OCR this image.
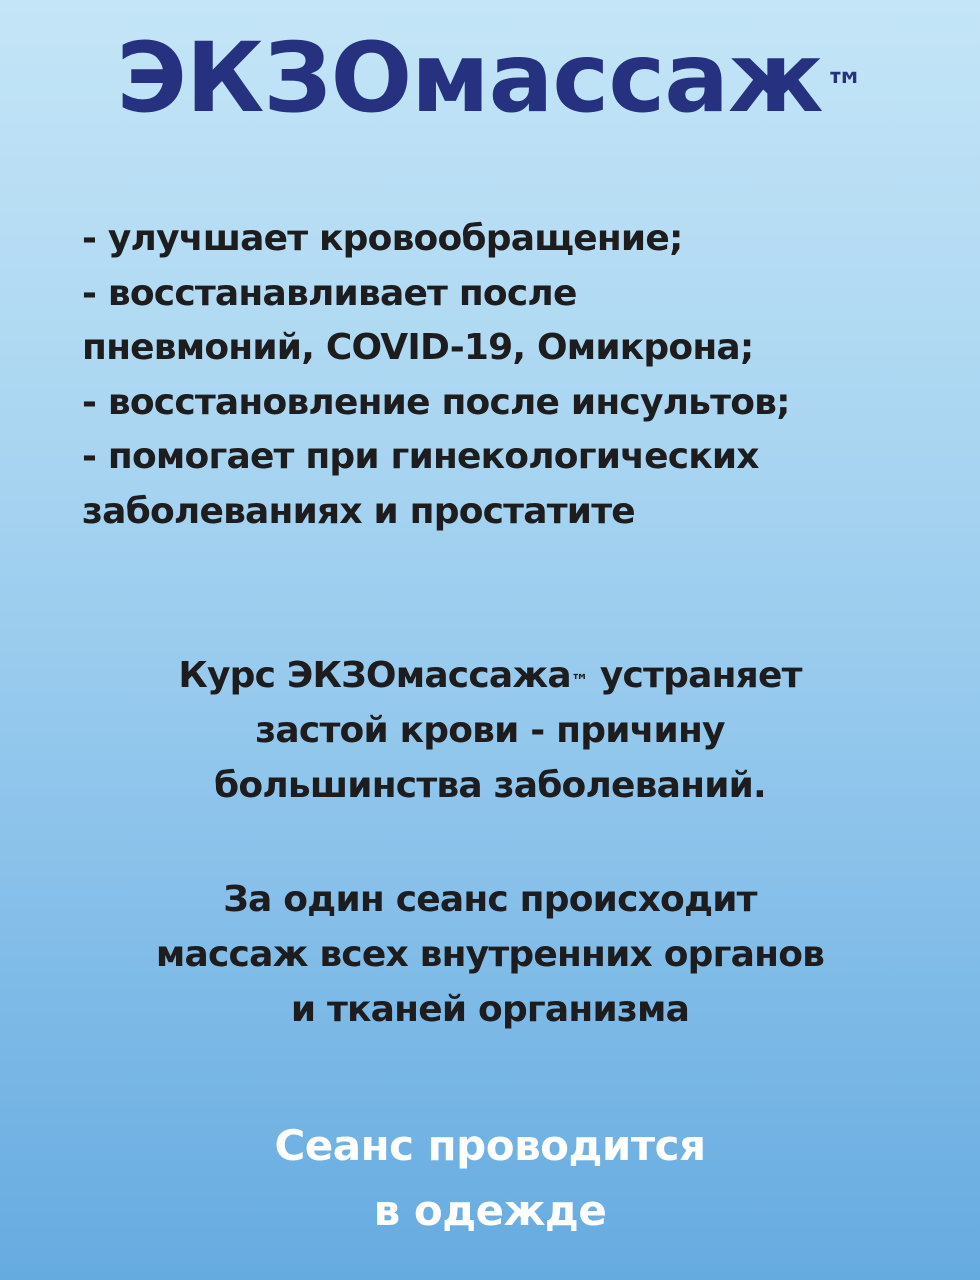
ЭКЗОмассаж™
- улучшает кровообращение;
- восстанавливает после
пневмоний, COVID-19, Омикрона;
- восстановление после инсультов;
- помогает при гинекологических
заболеваниях и простатите
Курс ЭКЗОмассажа™ устраняет
застой крови - причину
большинства заболеваний.
За один сеанс происходит
массаж всех внутренних органов
и тканей организма
Сеанс проводится
в одежде
